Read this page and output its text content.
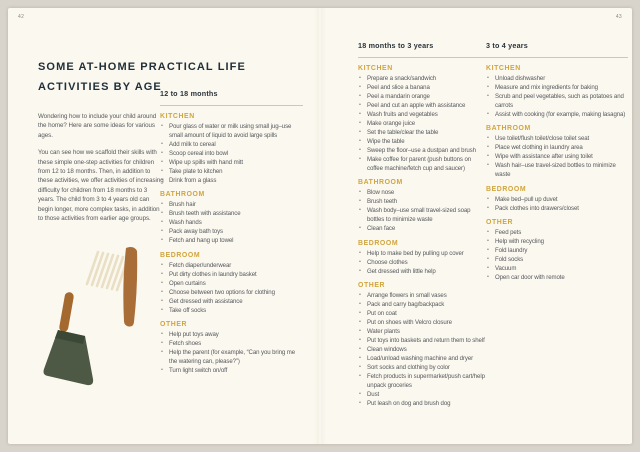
42
SOME AT-HOME PRACTICAL LIFE
ACTIVITIES BY AGE

Wondering how to include your child around the home? Here are some ideas for various ages.

You can see how we scaffold their skills with these simple one-step activities for children from 12 to 18 months. Then, in addition to these activities, we offer activities of increasing difficulty for children from 18 months to 3 years. The child from 3 to 4 years old can begin longer, more complex tasks, in addition to those activities from earlier age groups.

12 to 18 months
KITCHEN
• Pour glass of water or milk using small jug–use small amount of liquid to avoid large spills
• Add milk to cereal
• Scoop cereal into bowl
• Wipe up spills with hand mitt
• Take plate to kitchen
• Drink from a glass
BATHROOM
• Brush hair
• Brush teeth with assistance
• Wash hands
• Pack away bath toys
• Fetch and hang up towel
BEDROOM
• Fetch diaper/underwear
• Put dirty clothes in laundry basket
• Open curtains
• Choose between two options for clothing
• Get dressed with assistance
• Take off socks
OTHER
• Help put toys away
• Fetch shoes
• Help the parent (for example, “Can you bring me the watering can, please?”)
• Turn light switch on/off
43
18 months to 3 years
KITCHEN
• Prepare a snack/sandwich
• Peel and slice a banana
• Peel a mandarin orange
• Peel and cut an apple with assistance
• Wash fruits and vegetables
• Make orange juice
• Set the table/clear the table
• Wipe the table
• Sweep the floor–use a dustpan and brush
• Make coffee for parent (push buttons on coffee machine/fetch cup and saucer)
BATHROOM
• Blow nose
• Brush teeth
• Wash body–use small travel-sized soap bottles to minimize waste
• Clean face
BEDROOM
• Help to make bed by pulling up cover
• Choose clothes
• Get dressed with little help
OTHER
• Arrange flowers in small vases
• Pack and carry bag/backpack
• Put on coat
• Put on shoes with Velcro closure
• Water plants
• Put toys into baskets and return them to shelf
• Clean windows
• Load/unload washing machine and dryer
• Sort socks and clothing by color
• Fetch products in supermarket/push cart/help unpack groceries
• Dust
• Put leash on dog and brush dog
3 to 4 years
KITCHEN
• Unload dishwasher
• Measure and mix ingredients for baking
• Scrub and peel vegetables, such as potatoes and carrots
• Assist with cooking (for example, making lasagna)
BATHROOM
• Use toilet/flush toilet/close toilet seat
• Place wet clothing in laundry area
• Wipe with assistance after using toilet
• Wash hair–use travel-sized bottles to minimize waste
BEDROOM
• Make bed–pull up duvet
• Pack clothes into drawers/closet
OTHER
• Feed pets
• Help with recycling
• Fold laundry
• Fold socks
• Vacuum
• Open car door with remote
